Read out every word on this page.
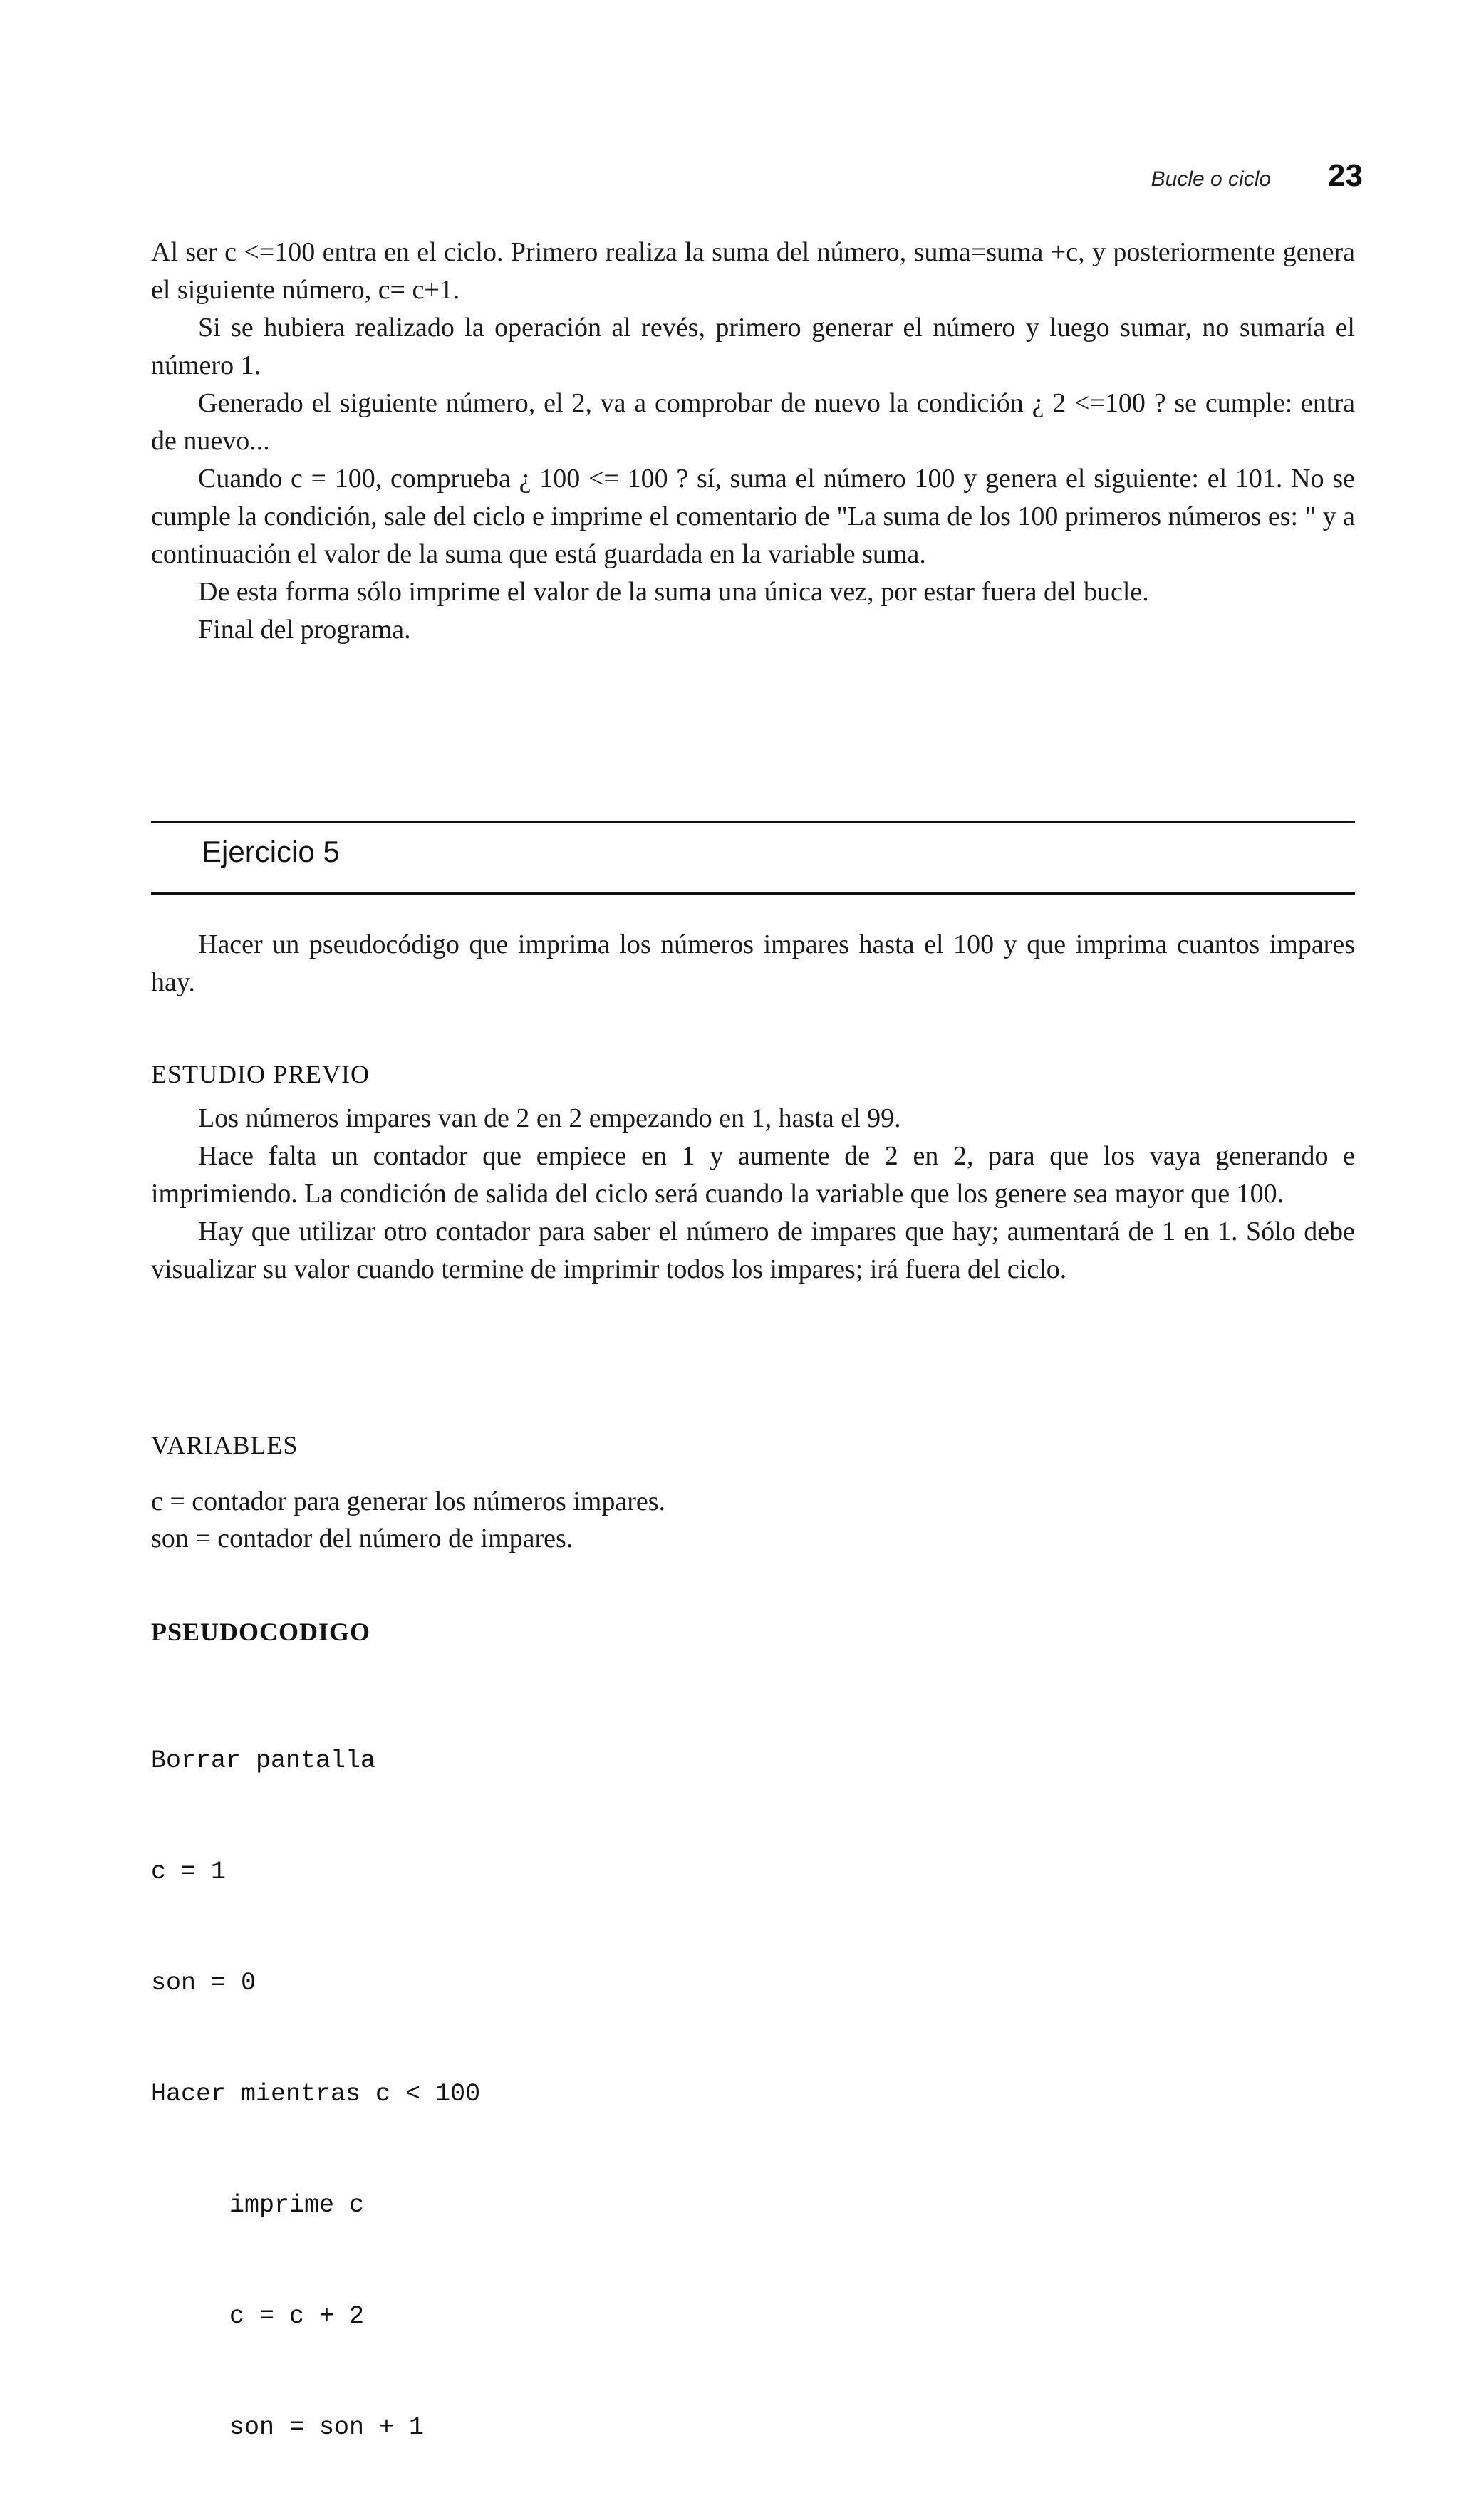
Bucle o ciclo 23

Al ser c <=100 entra en el ciclo. Primero realiza la suma del número, suma=suma +c, y posteriormente genera el siguiente número, c= c+1.

Si se hubiera realizado la operación al revés, primero generar el número y luego sumar, no sumaría el número 1.

Generado el siguiente número, el 2, va a comprobar de nuevo la condición ¿ 2 <=100 ? se cumple: entra de nuevo...

Cuando c = 100, comprueba ¿ 100 <= 100 ? sí, suma el número 100 y genera el siguiente: el 101. No se cumple la condición, sale del ciclo e imprime el comentario de "La suma de los 100 primeros números es: " y a continuación el valor de la suma que está guardada en la variable suma.

De esta forma sólo imprime el valor de la suma una única vez, por estar fuera del bucle.

Final del programa.

Ejercicio 5

Hacer un pseudocódigo que imprima los números impares hasta el 100 y que imprima cuantos impares hay.

ESTUDIO PREVIO

Los números impares van de 2 en 2 empezando en 1, hasta el 99.

Hace falta un contador que empiece en 1 y aumente de 2 en 2, para que los vaya generando e imprimiendo. La condición de salida del ciclo será cuando la variable que los genere sea mayor que 100.

Hay que utilizar otro contador para saber el número de impares que hay; aumentará de 1 en 1. Sólo debe visualizar su valor cuando termine de imprimir todos los impares; irá fuera del ciclo.

VARIABLES
c = contador para generar los números impares.
son = contador del número de impares.
PSEUDOCODIGO

Borrar pantalla

c = 1

son = 0

Hacer mientras c < 100

imprime c

c = c + 2

son = son + 1
